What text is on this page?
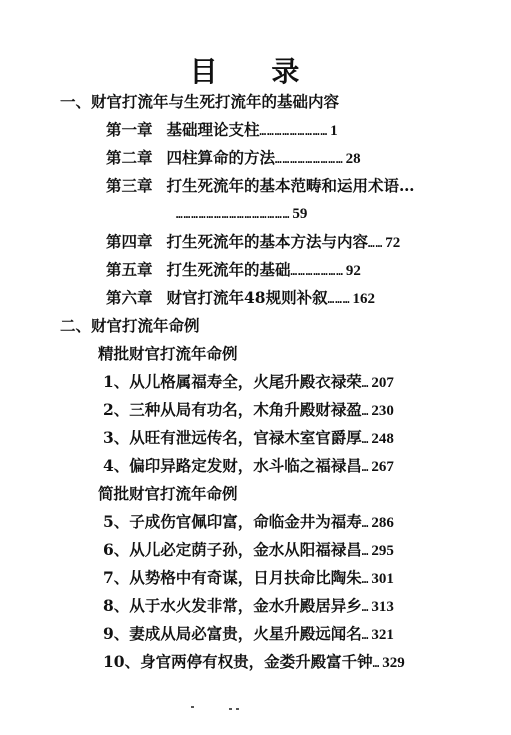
目 录
一、财官打流年与生死打流年的基础内容
第一章 基础理论支柱 ……………………… 1
第二章 四柱算命的方法 ……………………… 28
第三章 打生死流年的基本范畴和运用术语…
……………………………………… 59
第四章 打生死流年的基本方法与内容 …… 72
第五章 打生死流年的基础 ………………… 92
第六章 财官打流年48规则补叙 ……… 162
二、财官打流年命例
精批财官打流年命例
1、从儿格属福寿全，火尾升殿衣禄荣 … 207
2、三种从局有功名，木角升殿财禄盈 … 230
3、从旺有泄远传名，官禄木室官爵厚 … 248
4、偏印异路定发财，水斗临之福禄昌 … 267
简批财官打流年命例
5、子成伤官佩印富，命临金井为福寿 … 286
6、从儿必定荫子孙，金水从阳福禄昌 … 295
7、从势格中有奇谋，日月扶命比陶朱 … 301
8、从于水火发非常，金水升殿居异乡 … 313
9、妻成从局必富贵，火星升殿远闻名 … 321
10、身官两停有权贵，金娄升殿富千钟 … 329
